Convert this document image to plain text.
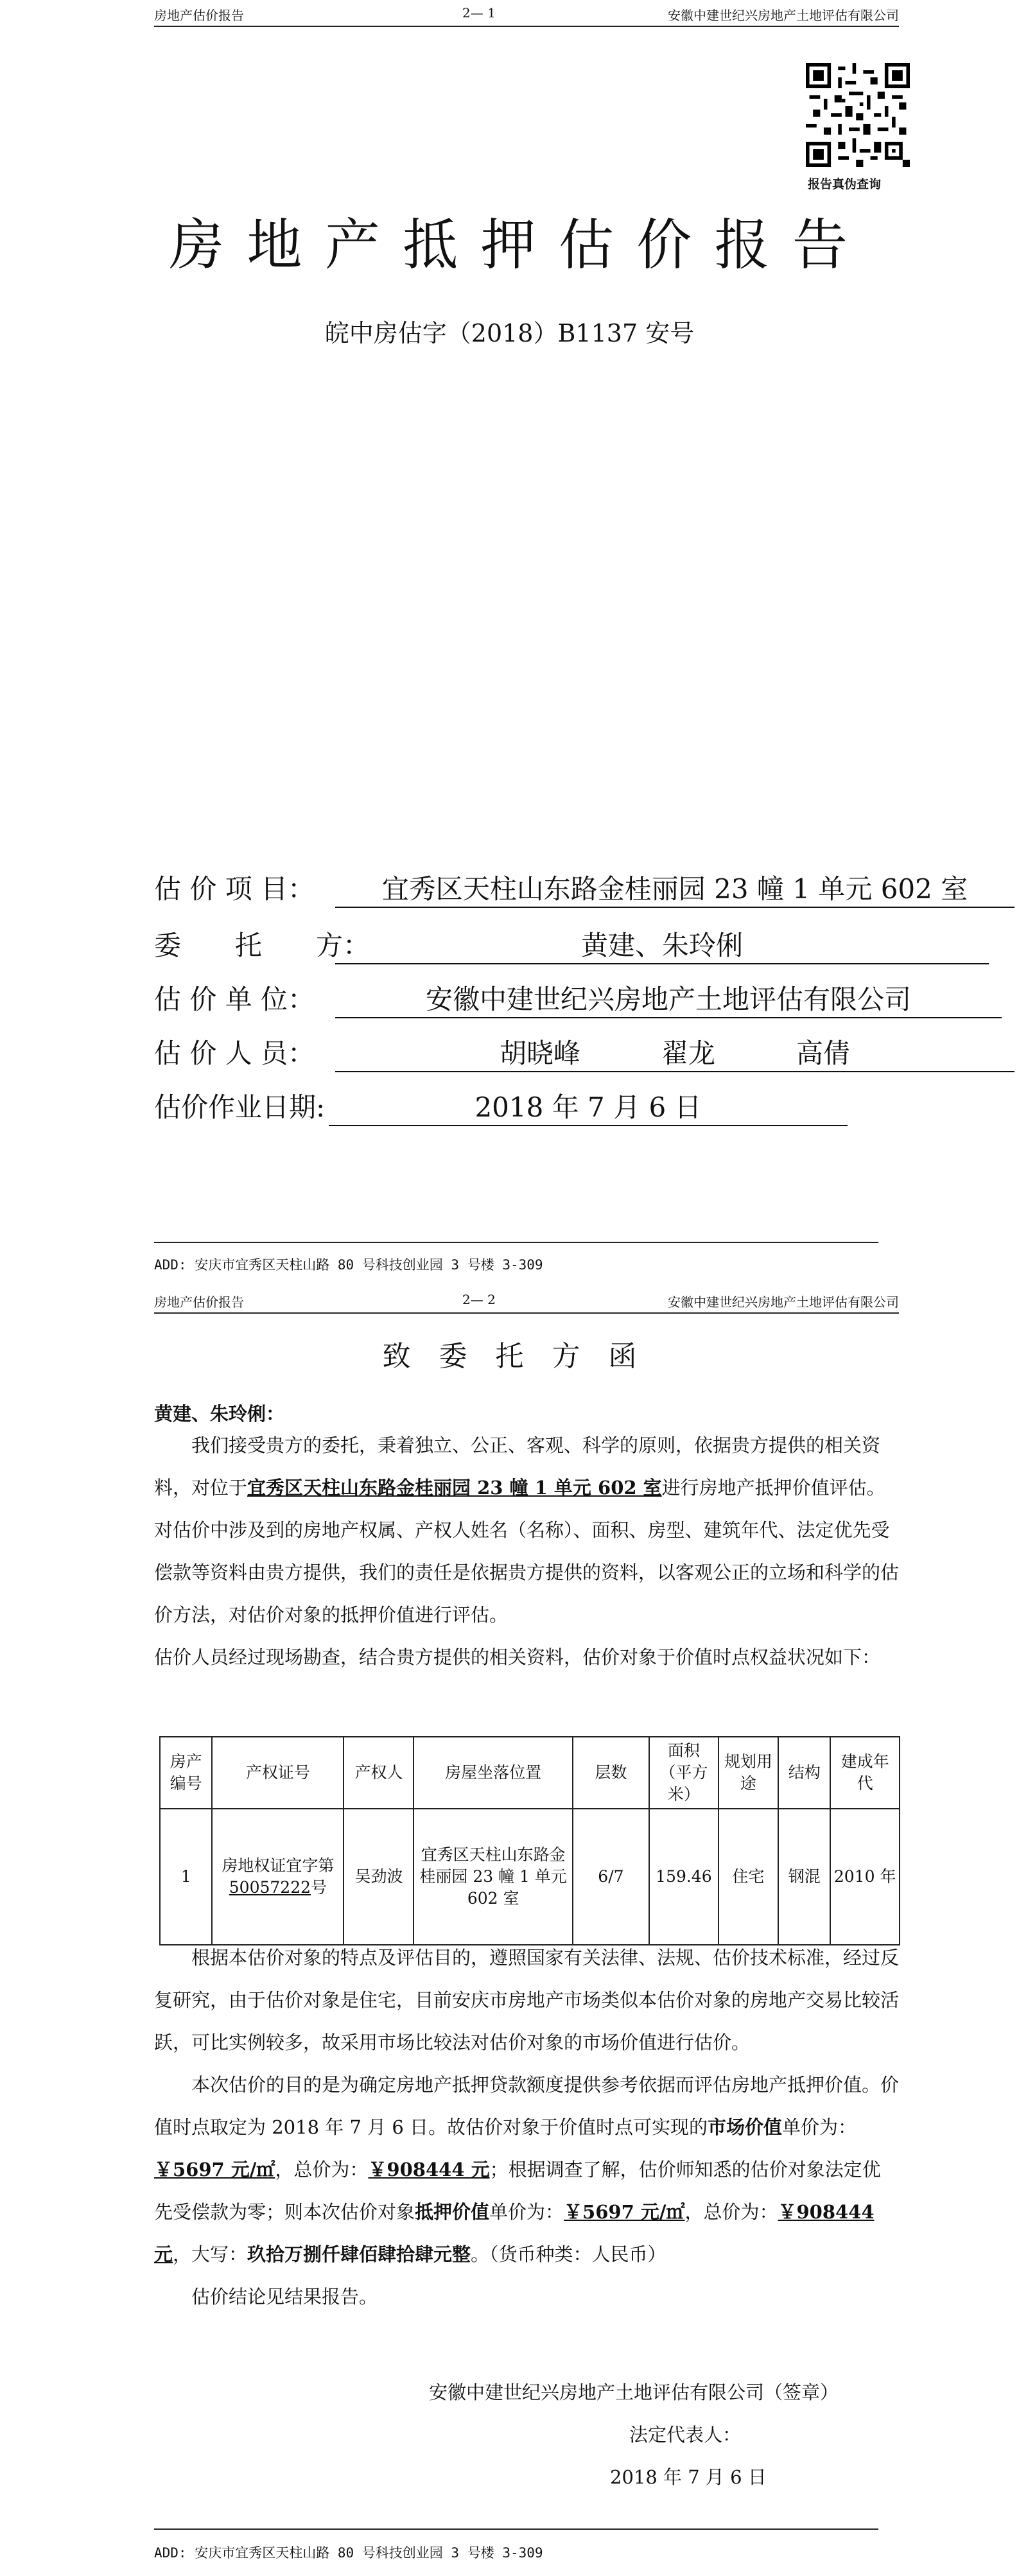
房地产估价报告	2— 1	安徽中建世纪兴房地产土地评估有限公司
报告真伪查询
房 地 产 抵 押 估 价 报 告
皖中房估字（2018）B1137 安号
估 价 项 目：	宜秀区天柱山东路金桂丽园 23 幢 1 单元 602 室
委　　托　　方：	黄建、朱玲俐
估 价 单 位：	安徽中建世纪兴房地产土地评估有限公司
估 价 人 员：	胡晓峰　　　翟龙　　　高倩
估价作业日期:	2018 年 7 月 6 日
ADD: 安庆市宜秀区天柱山路 80 号科技创业园 3 号楼 3-309
房地产估价报告	2— 2	安徽中建世纪兴房地产土地评估有限公司
致　委　托　方　函
黄建、朱玲俐：
我们接受贵方的委托，秉着独立、公正、客观、科学的原则，依据贵方提供的相关资料，对位于宜秀区天柱山东路金桂丽园 23 幢 1 单元 602 室进行房地产抵押价值评估。对估价中涉及到的房地产权属、产权人姓名（名称）、面积、房型、建筑年代、法定优先受偿款等资料由贵方提供，我们的责任是依据贵方提供的资料，以客观公正的立场和科学的估价方法，对估价对象的抵押价值进行评估。
估价人员经过现场勘查，结合贵方提供的相关资料，估价对象于价值时点权益状况如下：
房产编号	产权证号	产权人	房屋坐落位置	层数	面积（平方米）	规划用途	结构	建成年代
1	房地权证宜字第50057222号	吴劲波	宜秀区天柱山东路金桂丽园 23 幢 1 单元 602 室	6/7	159.46	住宅	钢混	2010 年
根据本估价对象的特点及评估目的，遵照国家有关法律、法规、估价技术标准，经过反复研究，由于估价对象是住宅，目前安庆市房地产市场类似本估价对象的房地产交易比较活跃，可比实例较多，故采用市场比较法对估价对象的市场价值进行估价。
本次估价的目的是为确定房地产抵押贷款额度提供参考依据而评估房地产抵押价值。价值时点取定为 2018 年 7 月 6 日。故估价对象于价值时点可实现的市场价值单价为：￥5697 元/㎡，总价为：￥908444 元；根据调查了解，估价师知悉的估价对象法定优先受偿款为零；则本次估价对象抵押价值单价为：￥5697 元/㎡，总价为：￥908444 元，大写：玖拾万捌仟肆佰肆拾肆元整。（货币种类：人民币）
估价结论见结果报告。
安徽中建世纪兴房地产土地评估有限公司（签章）
法定代表人：
2018 年 7 月 6 日
ADD: 安庆市宜秀区天柱山路 80 号科技创业园 3 号楼 3-309
